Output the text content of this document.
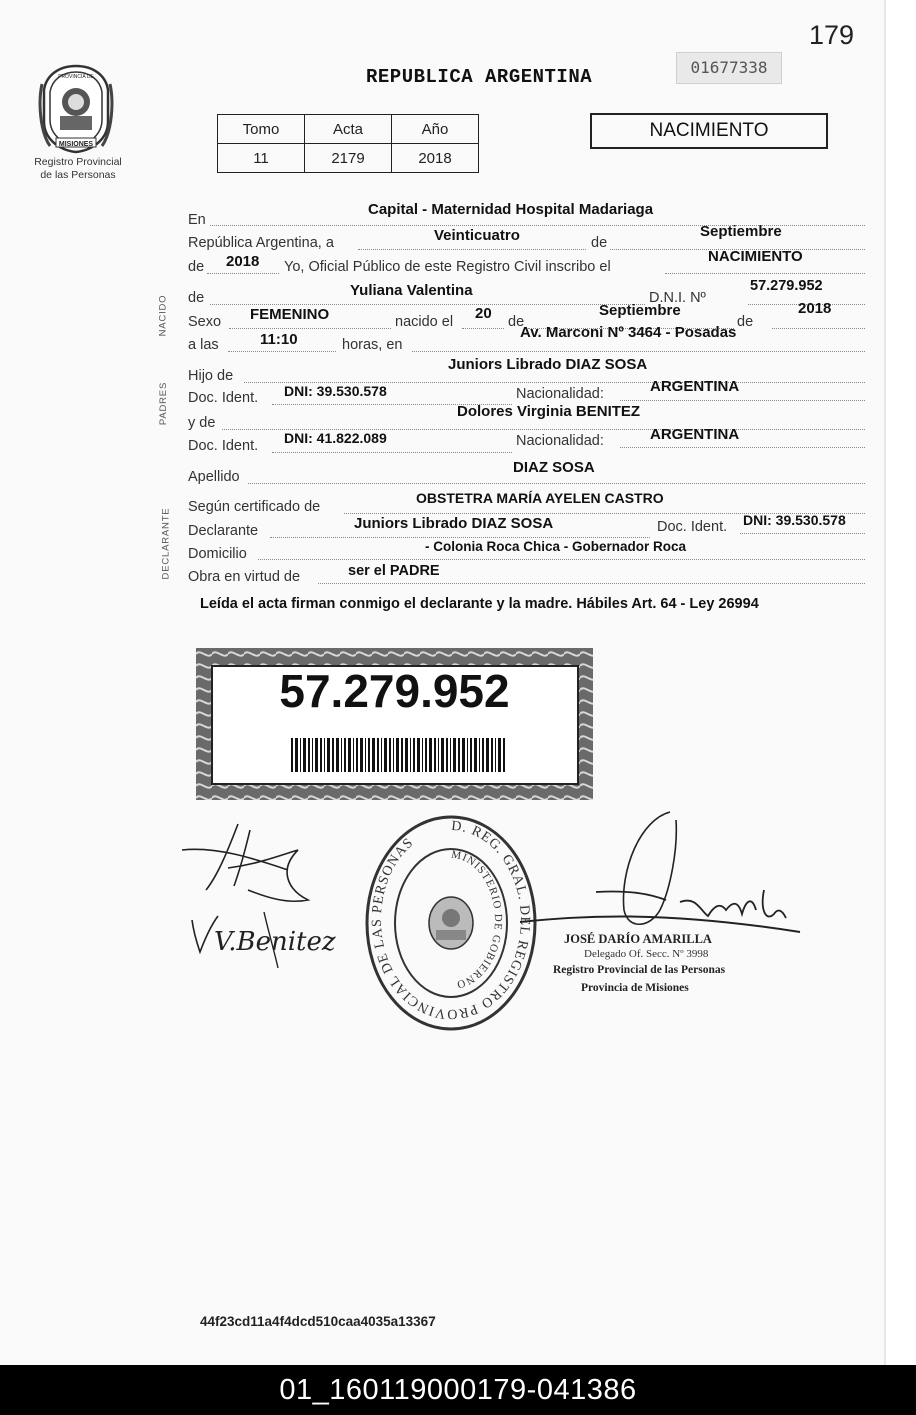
179
MISIONES
PROVINCIA DE
Registro Provincial
de las Personas
REPUBLICA ARGENTINA	01677338
Tomo	Acta	Año
11	2179	2018
NACIMIENTO
NACIDO
PADRES
DECLARANTE
En
Capital - Maternidad Hospital Madariaga
República Argentina, a	Veinticuatro	de
Septiembre
de 2018 Yo, Oficial Público de este Registro Civil inscribo el
NACIMIENTO
de	Yuliana Valentina	D.N.I. Nº
57.279.952
Sexo FEMENINO	nacido el 20 de
Septiembre
de
2018
a las	11:10	horas, en
Av. Marconi Nº 3464 - Posadas
Hijo de
Juniors Librado DIAZ SOSA
Doc. Ident. DNI: 39.530.578	Nacionalidad:	ARGENTINA
y de
Dolores Virginia BENITEZ
Doc. Ident. DNI: 41.822.089	Nacionalidad:	ARGENTINA
Apellido
DIAZ SOSA
Según certificado de
OBSTETRA MARÍA AYELEN CASTRO
Declarante	Juniors Librado DIAZ SOSA	Doc. Ident. DNI: 39.530.578
Domicilio	- Colonia Roca Chica - Gobernador Roca
Obra en virtud de	ser el PADRE
Leída el acta firman conmigo el declarante y la madre. Hábiles Art. 64 - Ley 26994
57.279.952
V.Benitez
D. REG. GRAL. DEL REGISTRO PROVINCIAL DE LAS PERSONAS
MINISTERIO DE GOBIERNO
JOSÉ DARÍO AMARILLA
Delegado Of. Secc. Nº 3998
Registro Provincial de las Personas
Provincia de Misiones
44f23cd11a4f4dcd510caa4035a13367
01_160119000179-041386
